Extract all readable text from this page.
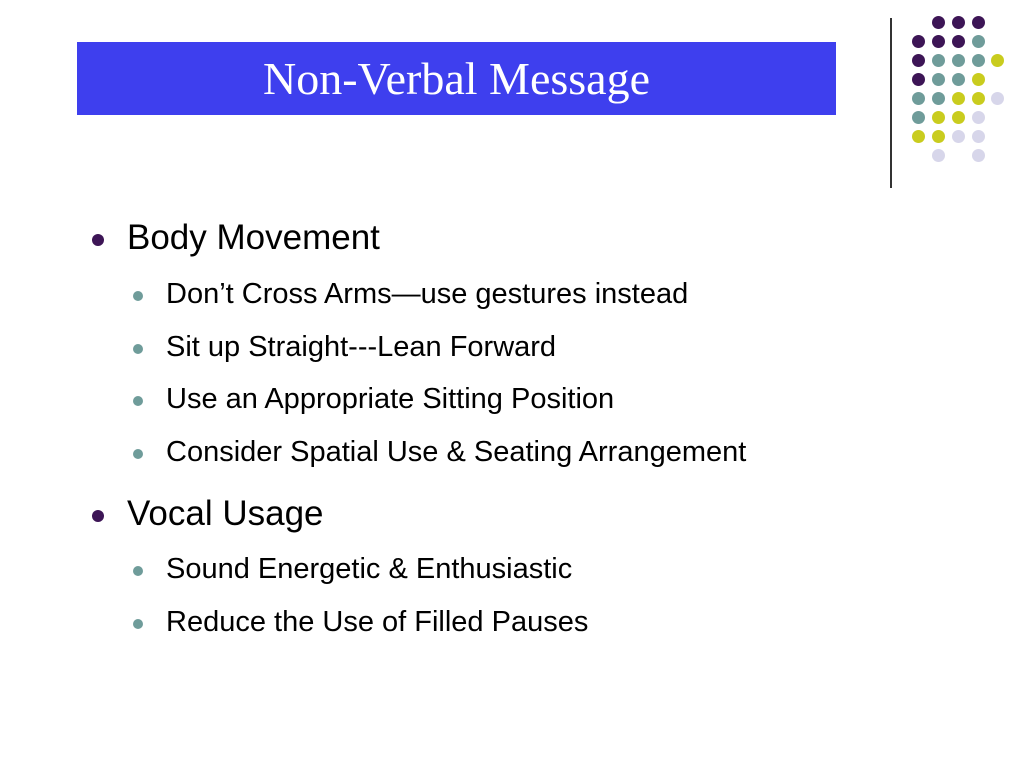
Non-Verbal Message
Body Movement
Don’t Cross Arms—use gestures instead
Sit up Straight---Lean Forward
Use an Appropriate Sitting Position
Consider Spatial Use & Seating Arrangement
Vocal Usage
Sound Energetic & Enthusiastic
Reduce the Use of Filled Pauses
